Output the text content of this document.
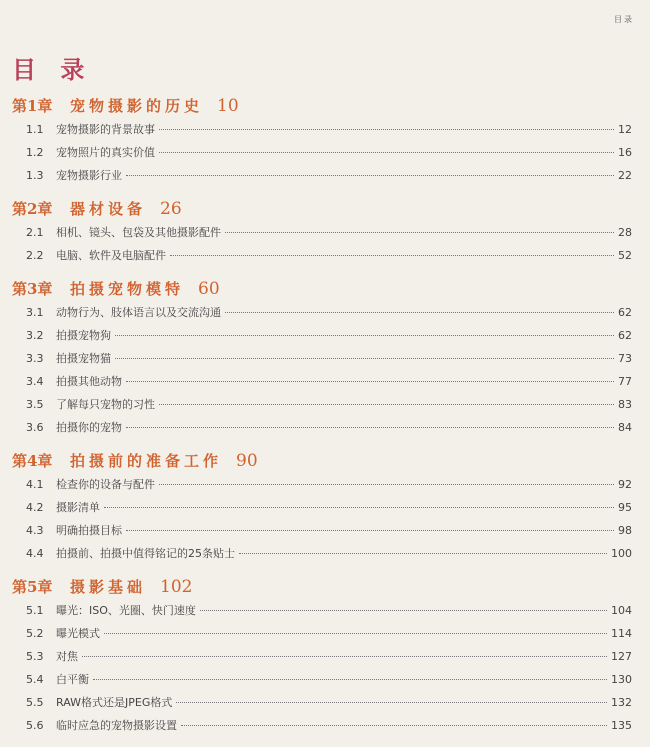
目录
目 录
第1章 宠物摄影的历史 10
1.1	宠物摄影的背景故事	12
1.2	宠物照片的真实价值	16
1.3	宠物摄影行业	22
第2章 器材设备 26
2.1	相机、镜头、包袋及其他摄影配件	28
2.2	电脑、软件及电脑配件	52
第3章 拍摄宠物模特 60
3.1	动物行为、肢体语言以及交流沟通	62
3.2	拍摄宠物狗	62
3.3	拍摄宠物猫	73
3.4	拍摄其他动物	77
3.5	了解每只宠物的习性	83
3.6	拍摄你的宠物	84
第4章 拍摄前的准备工作 90
4.1	检查你的设备与配件	92
4.2	摄影清单	95
4.3	明确拍摄目标	98
4.4	拍摄前、拍摄中值得铭记的25条贴士	100
第5章 摄影基础 102
5.1	曝光：ISO、光圈、快门速度	104
5.2	曝光模式	114
5.3	对焦	127
5.4	白平衡	130
5.5	RAW格式还是JPEG格式	132
5.6	临时应急的宠物摄影设置	135
